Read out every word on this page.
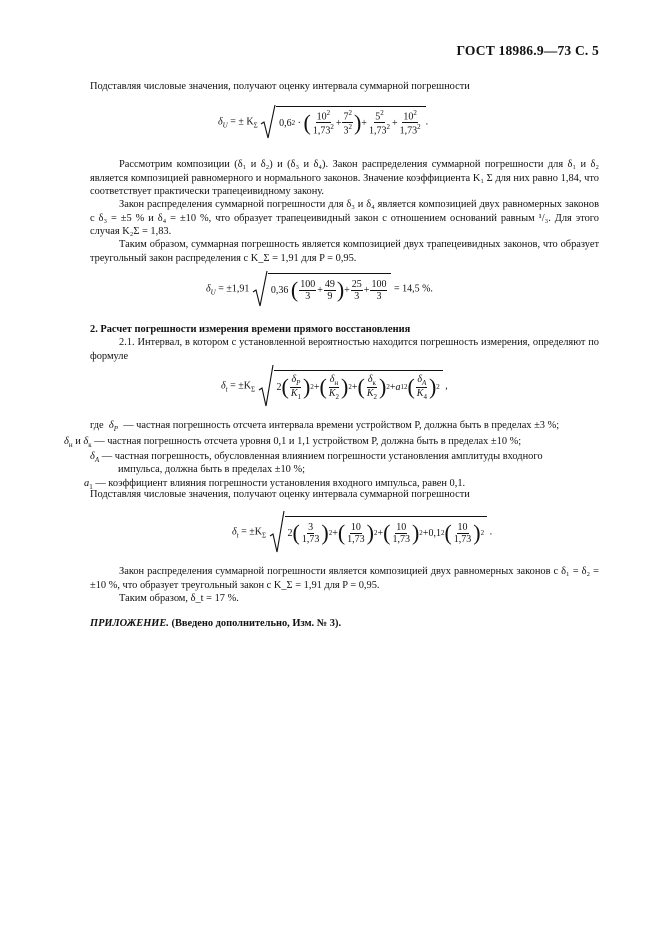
ГОСТ 18986.9—73 С. 5

Подставляя числовые значения, получают оценку интервала суммарной погрешности

$\delta_U$ = ± $K_\Sigma$ 0,6 2 · ( $\frac{10^2}{1,73^2} + \frac{7^2}{3^2}$ ) + $\frac{5^2}{1,73^2} + \frac{10^2}{1,73^2}$ .

Рассмотрим композиции (δ₁ и δ₂) и (δ₃ и δ₄). Закон распределения суммарной погрешности для δ₁ и δ₂ является композицией равномерного и нормального законов. Значение коэффициента K₁ Σ для них равно 1,84, что соответствует практически трапецеивидному закону.

Закон распределения суммарной погрешности для δ₃ и δ₄ является композицией двух равномерных законов с δ₃ = ±5 % и δ₄ = ±10 %, что образует трапецеивидный закон с отношением оснований равным ¹/₃. Для этого случая K₂Σ = 1,83.

Таким образом, суммарная погрешность является композицией двух трапецеивидных законов, что образует треугольный закон распределения с K_Σ = 1,91 для P = 0,95.

$\delta_U = \pm 1,91$ 0,36
( $\frac{100}{3} + \frac{49}{9}$ ) + $\frac{25}{3} + \frac{100}{3} = 14,5$ %.

2. Расчет погрешности измерения времени прямого восстановления

2.1. Интервал, в котором с установленной вероятностью находится погрешность измерения, определяют по формуле

$\delta_t = \pm K_\Sigma$ 2 ( $\frac{\delta_P}{K_1}$ ) 2 + ( $\frac{\delta_н}{K_2}$ ) 2 + ( $\frac{\delta_к}{K_2}$ ) 2 + a 1 2 ( $\frac{\delta_A}{K_4}$ ) 2 ,
где $\delta_P$ — частная погрешность отсчета интервала времени устройством P, должна быть в пределах ±3 %;
$\delta_н$ и $\delta_к$ — частная погрешность отсчета уровня 0,1 и 1,1 устройством P, должна быть в пределах ±10 %;
$\delta_A$ — частная погрешность, обусловленная влиянием погрешности установления амплитуды входного
импульса, должна быть в пределах ±10 %;
$a_1$ — коэффициент влияния погрешности установления входного импульса, равен 0,1.

Подставляя числовые значения, получают оценку интервала суммарной погрешности

$\delta_t = \pm K_\Sigma$	2 ( $\frac{3}{1,73}$ ) 2 + ( $\frac{10}{1,73}$ ) 2 + ( $\frac{10}{1,73}$ ) 2 + 0,1 2 ( $\frac{10}{1,73}$ ) 2 .

Закон распределения суммарной погрешности является композицией двух равномерных законов с δ₁ = δ₂ = ±10 %, что образует треугольный закон с K_Σ = 1,91 для P = 0,95.

Таким образом, δ_t = 17 %.

ПРИЛОЖЕНИЕ. (Введено дополнительно, Изм. № 3).
